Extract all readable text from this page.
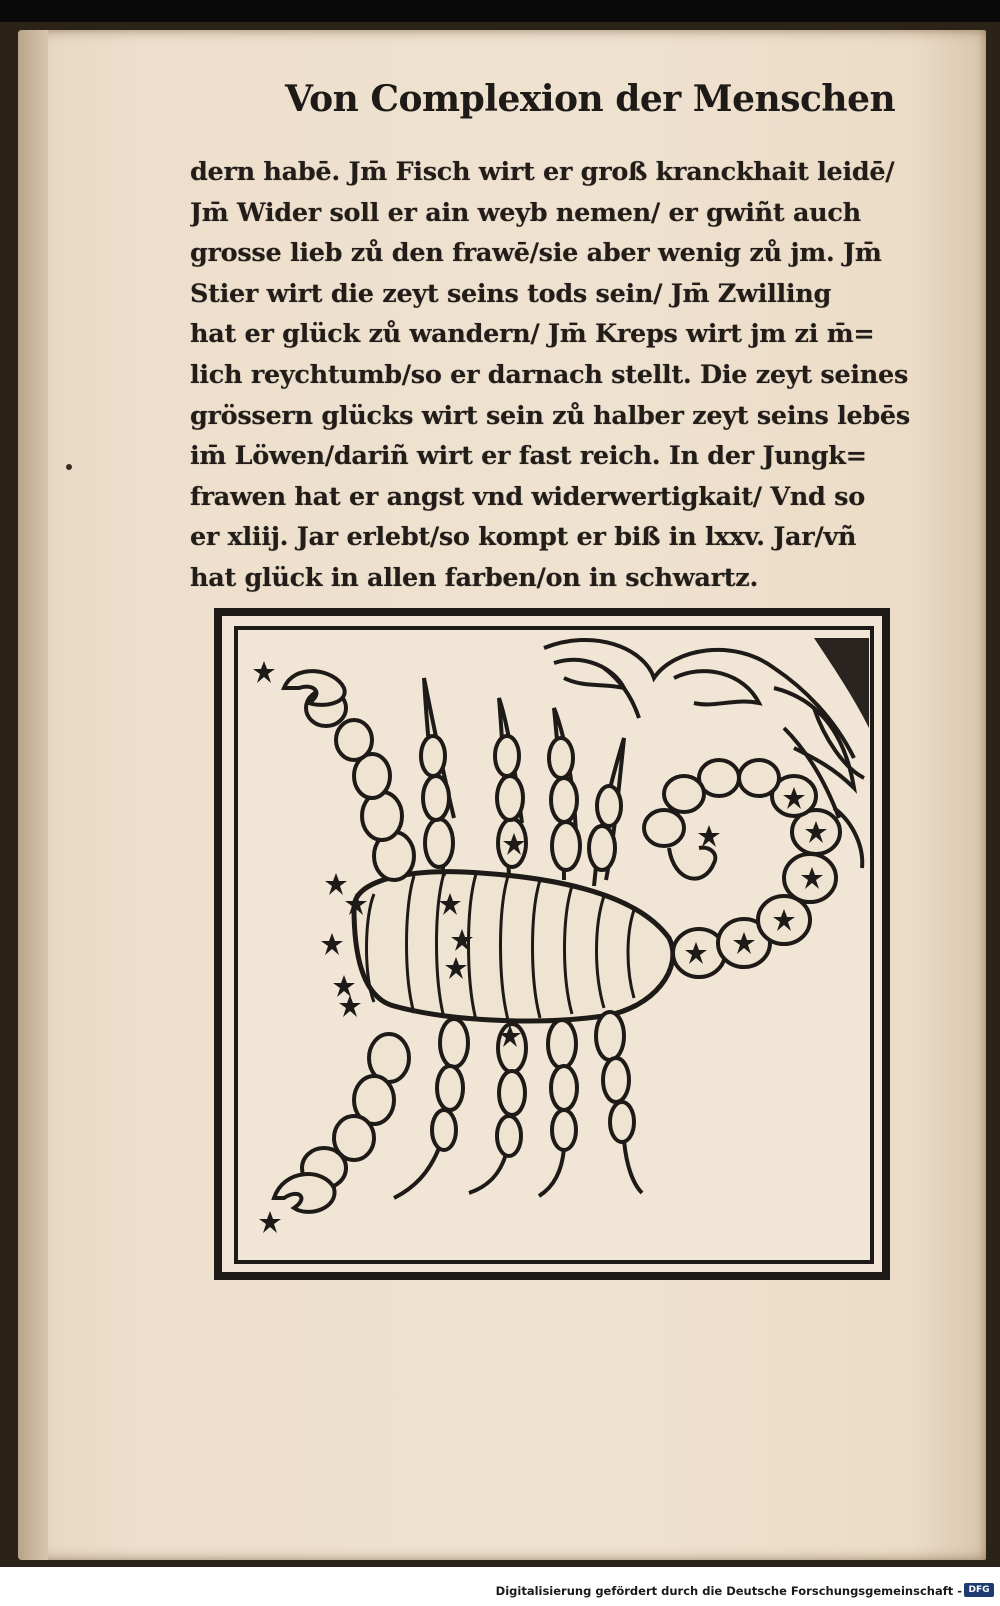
Von Complexion der Menschen
dern habē. Jm̄ Fisch wirt er groß kranckhait leidē/
Jm̄ Wider soll er ain weyb nemen/ er gwiñt auch
grosse lieb zů den frawē/sie aber wenig zů jm. Jm̄
Stier wirt die zeyt seins tods sein/ Jm̄ Zwilling
hat er glück zů wandern/ Jm̄ Kreps wirt jm zi m̄=
lich reychtumb/so er darnach stellt. Die zeyt seines
grössern glücks wirt sein zů halber zeyt seins lebēs
im̄ Löwen/dariñ wirt er fast reich. In der Jungk=
frawen hat er angst vnd widerwertigkait/ Vnd so
er xliij. Jar erlebt/so kompt er biß in lxxv. Jar/vñ
hat glück in allen farben/on in schwartz.
Digitalisierung gefördert durch die Deutsche Forschungsgemeinschaft - DFG
